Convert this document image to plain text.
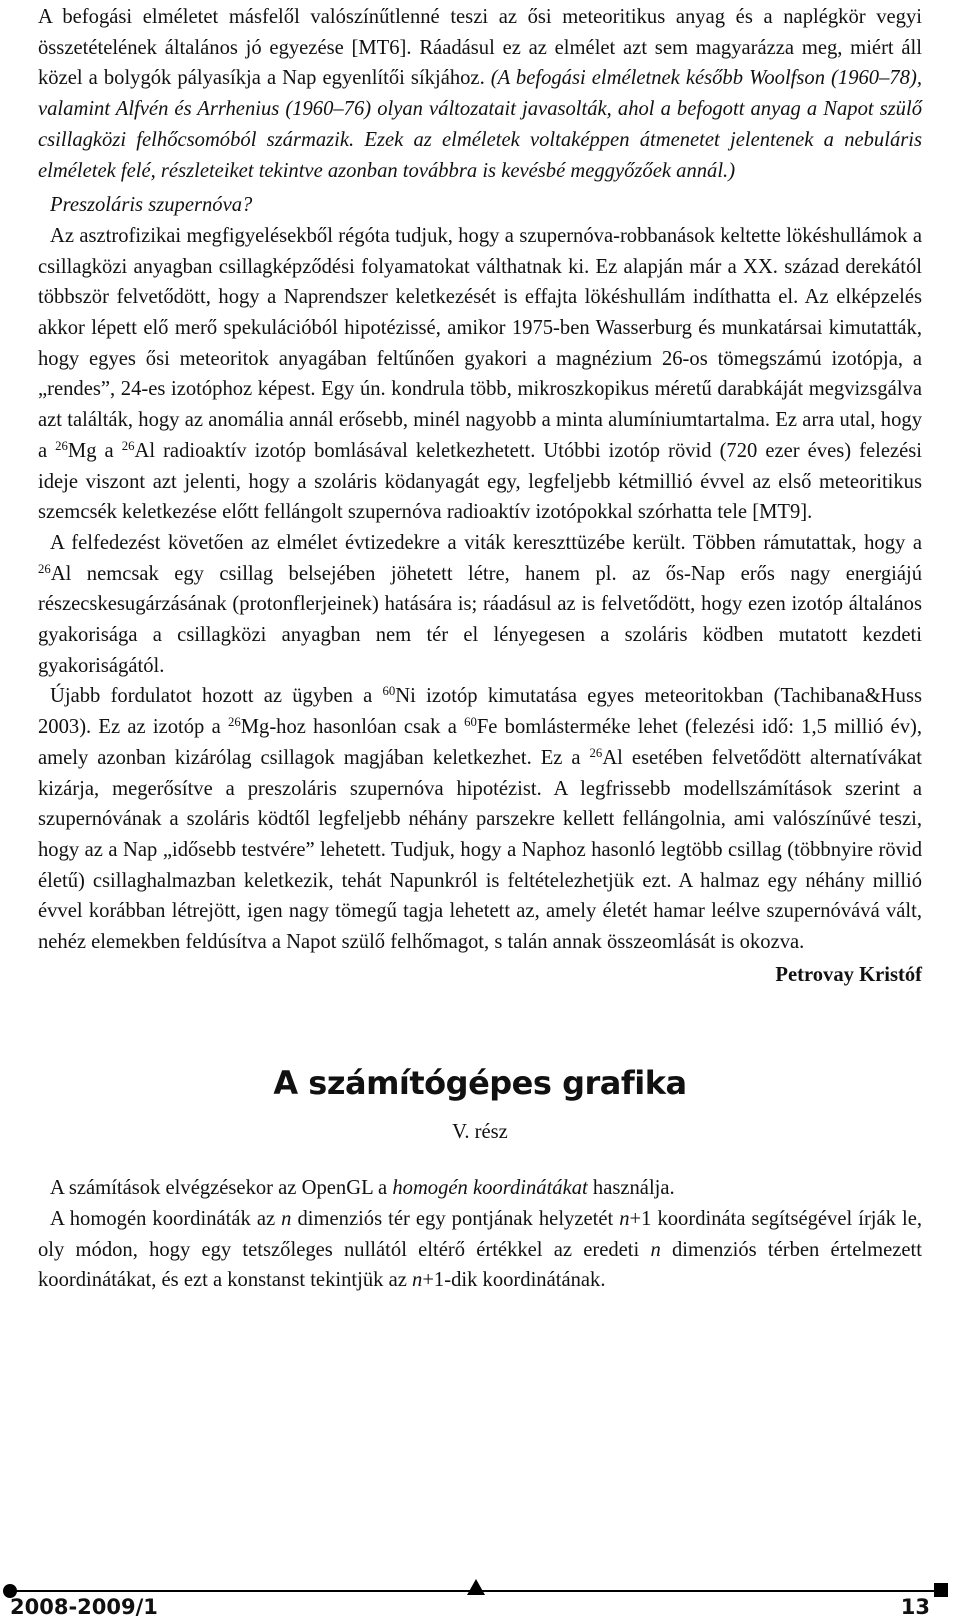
A befogási elméletet másfelől valószínűtlenné teszi az ősi meteoritikus anyag és a naplégkör vegyi összetételének általános jó egyezése [MT6]. Ráadásul ez az elmélet azt sem magyarázza meg, miért áll közel a bolygók pályasíkja a Nap egyenlítői síkjához. (A befogási elméletnek később Woolfson (1960–78), valamint Alfvén és Arrhenius (1960–76) olyan változatait javasolták, ahol a befogott anyag a Napot szülő csillagközi felhőcsomóból származik. Ezek az elméletek voltaképpen átmenetet jelentenek a nebuláris elméletek felé, részleteiket tekintve azonban továbbra is kevésbé meggyőzőek annál.)

Preszoláris szupernóva?

Az asztrofizikai megfigyelésekből régóta tudjuk, hogy a szupernóva-robbanások keltette lökéshullámok a csillagközi anyagban csillagképződési folyamatokat válthatnak ki. Ez alapján már a XX. század derekától többször felvetődött, hogy a Naprendszer keletkezését is effajta lökéshullám indíthatta el. Az elképzelés akkor lépett elő merő spekulációból hipotézissé, amikor 1975-ben Wasserburg és munkatársai kimutatták, hogy egyes ősi meteoritok anyagában feltűnően gyakori a magnézium 26-os tömegszámú izotópja, a „rendes”, 24-es izotóphoz képest. Egy ún. kondrula több, mikroszkopikus méretű darabkáját megvizsgálva azt találták, hogy az anomália annál erősebb, minél nagyobb a minta alumíniumtartalma. Ez arra utal, hogy a $^{26}$Mg a $^{26}$Al radioaktív izotóp bomlásával keletkezhetett. Utóbbi izotóp rövid (720 ezer éves) felezési ideje viszont azt jelenti, hogy a szoláris ködanyagát egy, legfeljebb kétmillió évvel az első meteoritikus szemcsék keletkezése előtt fellángolt szupernóva radioaktív izotópokkal szórhatta tele [MT9].

A felfedezést követően az elmélet évtizedekre a viták kereszttüzébe került. Többen rámutattak, hogy a $^{26}$Al nemcsak egy csillag belsejében jöhetett létre, hanem pl. az ős-Nap erős nagy energiájú részecskesugárzásának (protonflerjeinek) hatására is; ráadásul az is felvetődött, hogy ezen izotóp általános gyakorisága a csillagközi anyagban nem tér el lényegesen a szoláris ködben mutatott kezdeti gyakoriságától.

Újabb fordulatot hozott az ügyben a $^{60}$Ni izotóp kimutatása egyes meteoritokban (Tachibana&Huss 2003). Ez az izotóp a $^{26}$Mg-hoz hasonlóan csak a $^{60}$Fe bomlásterméke lehet (felezési idő: 1,5 millió év), amely azonban kizárólag csillagok magjában keletkezhet. Ez a $^{26}$Al esetében felvetődött alternatívákat kizárja, megerősítve a preszoláris szupernóva hipotézist. A legfrissebb modellszámítások szerint a szupernóvának a szoláris ködtől legfeljebb néhány parszekre kellett fellángolnia, ami valószínűvé teszi, hogy az a Nap „idősebb testvére” lehetett. Tudjuk, hogy a Naphoz hasonló legtöbb csillag (többnyire rövid életű) csillaghalmazban keletkezik, tehát Napunkról is feltételezhetjük ezt. A halmaz egy néhány millió évvel korábban létrejött, igen nagy tömegű tagja lehetett az, amely életét hamar leélve szupernóvává vált, nehéz elemekben feldúsítva a Napot szülő felhőmagot, s talán annak összeomlását is okozva.

Petrovay Kristóf

A számítógépes grafika

V. rész

A számítások elvégzésekor az OpenGL a homogén koordinátákat használja.

A homogén koordináták az n dimenziós tér egy pontjának helyzetét n+1 koordináta segítségével írják le, oly módon, hogy egy tetszőleges nullától eltérő értékkel az eredeti n dimenziós térben értelmezett koordinátákat, és ezt a konstanst tekintjük az n+1-dik koordinátának.

2008-2009/1	13
